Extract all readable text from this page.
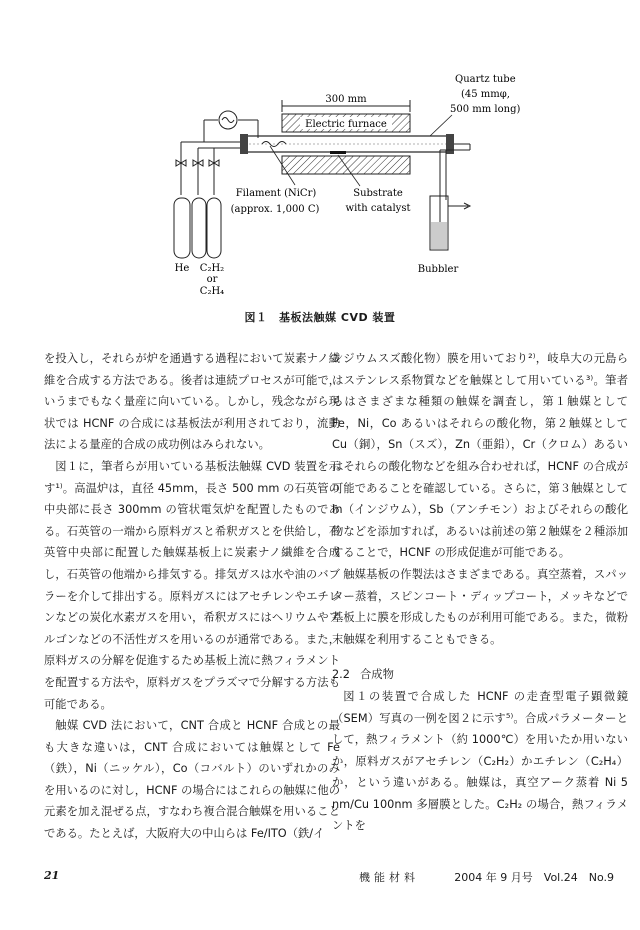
300 mm
Electric furnace
Quartz tube
(45 mmφ,
500 mm long)
Filament (NiCr)
(approx. 1,000 C)
Substrate
with catalyst
He C₂H₂
or
C₂H₄
Bubbler
図１　基板法触媒 CVD 装置

を投入し，それらが炉を通過する過程において炭素ナノ繊維を合成する方法である。後者は連続プロセスが可能で，いうまでもなく量産に向いている。しかし，残念ながら現状では HCNF の合成には基板法が利用されており，流動法による量産的合成の成功例はみられない。

図１に，筆者らが用いている基板法触媒 CVD 装置を示す¹⁾。高温炉は，直径 45mm，長さ 500 mm の石英管の中央部に長さ 300mm の管状電気炉を配置したものである。石英管の一端から原料ガスと希釈ガスとを供給し，石英管中央部に配置した触媒基板上に炭素ナノ繊維を合成し，石英管の他端から排気する。排気ガスは水や油のバブラーを介して排出する。原料ガスにはアセチレンやエチレンなどの炭化水素ガスを用い，希釈ガスにはヘリウムやアルゴンなどの不活性ガスを用いるのが通常である。また，原料ガスの分解を促進するため基板上流に熱フィラメントを配置する方法や，原料ガスをプラズマで分解する方法も可能である。

触媒 CVD 法において，CNT 合成と HCNF 合成との最も大きな違いは，CNT 合成においては触媒として Fe（鉄），Ni（ニッケル），Co（コバルト）のいずれかのみを用いるのに対し，HCNF の場合にはこれらの触媒に他の元素を加え混ぜる点，すなわち複合混合触媒を用いることである。たとえば，大阪府大の中山らは Fe/ITO（鉄/イ

ンジウムスズ酸化物）膜を用いており²⁾，岐阜大の元島らはステンレス系物質などを触媒として用いている³⁾。筆者らはさまざまな種類の触媒を調査し，第１触媒として Fe，Ni，Co あるいはそれらの酸化物，第２触媒として Cu（銅），Sn（スズ），Zn（亜鉛），Cr（クロム）あるいはそれらの酸化物などを組み合わせれば，HCNF の合成が可能であることを確認している。さらに，第３触媒として In（インジウム），Sb（アンチモン）およびそれらの酸化物などを添加すれば，あるいは前述の第２触媒を２種添加することで，HCNF の形成促進が可能である。

触媒基板の作製法はさまざまである。真空蒸着，スパッター蒸着，スピンコート・ディップコート，メッキなどで基板上に膜を形成したものが利用可能である。また，微粉末触媒を利用することもできる。

2.2 合成物

図１の装置で合成した HCNF の走査型電子顕微鏡（SEM）写真の一例を図２に示す⁵⁾。合成パラメーターとして，熱フィラメント（約 1000℃）を用いたか用いないか，原料ガスがアセチレン（C₂H₂）かエチレン（C₂H₄）か，という違いがある。触媒は，真空アーク蒸着 Ni 5 nm/Cu 100nm 多層膜とした。C₂H₂ の場合，熱フィラメントを

21	機能材料	2004 年 9 月号　Vol.24　No.9
